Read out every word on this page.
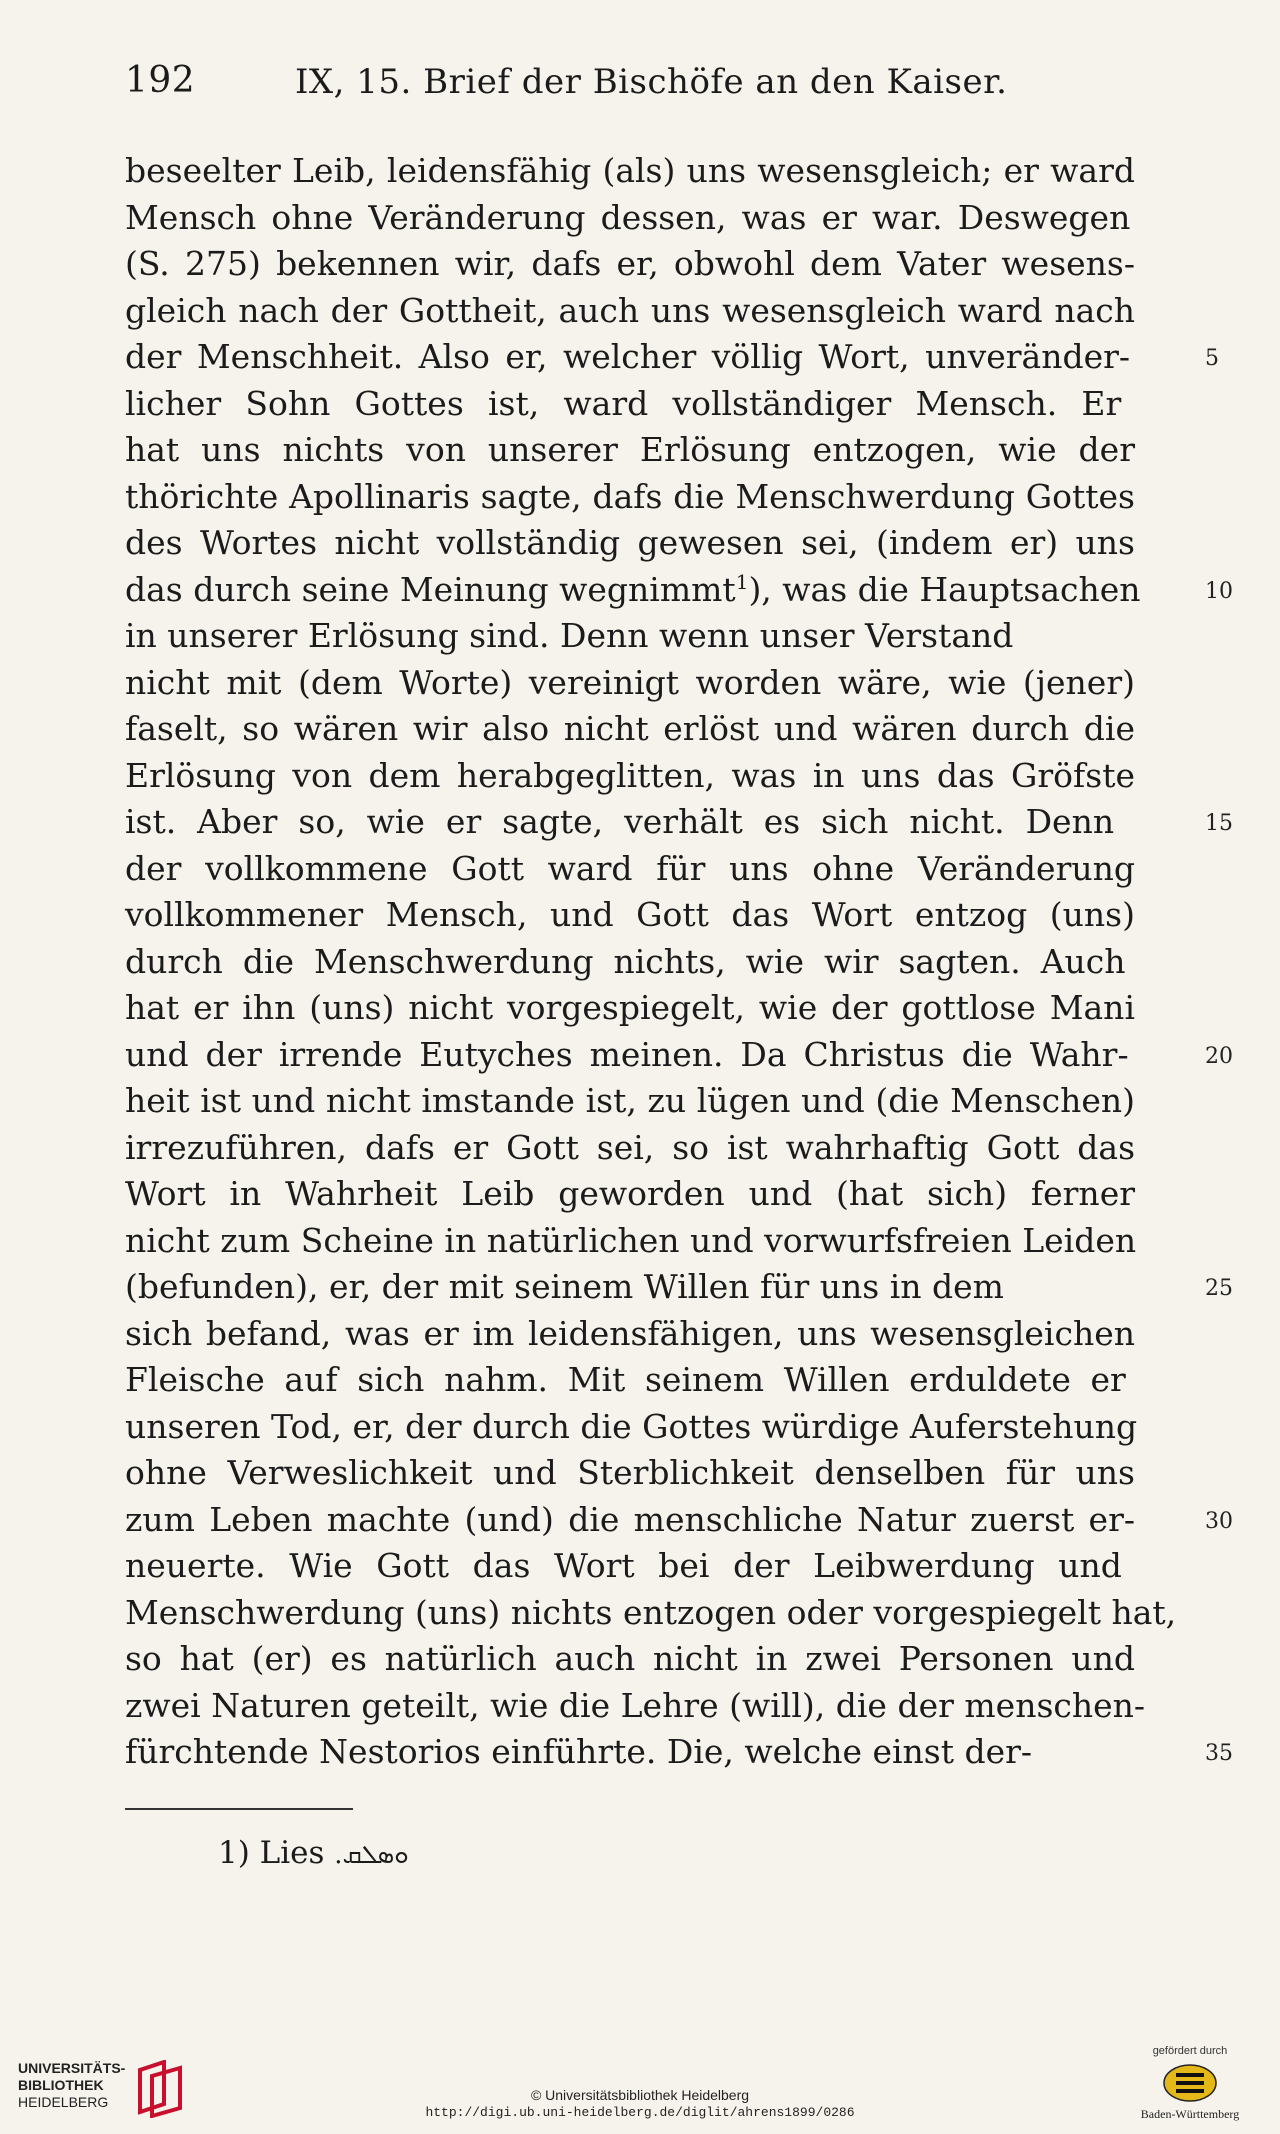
192	IX, 15. Brief der Bischöfe an den Kaiser.
beseelter Leib, leidensfähig (als) uns wesensgleich; er ward
Mensch ohne Veränderung dessen, was er war. Deswegen
(S. 275) bekennen wir, dafs er, obwohl dem Vater wesens-
gleich nach der Gottheit, auch uns wesensgleich ward nach
der Menschheit. Also er, welcher völlig Wort, unveränder-	5
licher Sohn Gottes ist, ward vollständiger Mensch. Er
hat uns nichts von unserer Erlösung entzogen, wie der
thörichte Apollinaris sagte, dafs die Menschwerdung Gottes
des Wortes nicht vollständig gewesen sei, (indem er) uns
das durch seine Meinung wegnimmt$^1$), was die Hauptsachen	10
in unserer Erlösung sind. Denn wenn unser Verstand
nicht mit (dem Worte) vereinigt worden wäre, wie (jener)
faselt, so wären wir also nicht erlöst und wären durch die
Erlösung von dem herabgeglitten, was in uns das Gröfste
ist. Aber so, wie er sagte, verhält es sich nicht. Denn	15
der vollkommene Gott ward für uns ohne Veränderung
vollkommener Mensch, und Gott das Wort entzog (uns)
durch die Menschwerdung nichts, wie wir sagten. Auch
hat er ihn (uns) nicht vorgespiegelt, wie der gottlose Mani
und der irrende Eutyches meinen. Da Christus die Wahr-	20
heit ist und nicht imstande ist, zu lügen und (die Menschen)
irrezuführen, dafs er Gott sei, so ist wahrhaftig Gott das
Wort in Wahrheit Leib geworden und (hat sich) ferner
nicht zum Scheine in natürlichen und vorwurfsfreien Leiden
(befunden), er, der mit seinem Willen für uns in dem	25
sich befand, was er im leidensfähigen, uns wesensgleichen
Fleische auf sich nahm. Mit seinem Willen erduldete er
unseren Tod, er, der durch die Gottes würdige Auferstehung
ohne Verweslichkeit und Sterblichkeit denselben für uns
zum Leben machte (und) die menschliche Natur zuerst er-	30
neuerte. Wie Gott das Wort bei der Leibwerdung und
Menschwerdung (uns) nichts entzogen oder vorgespiegelt hat,
so hat (er) es natürlich auch nicht in zwei Personen und
zwei Naturen geteilt, wie die Lehre (will), die der menschen-
fürchtende Nestorios einführte. Die, welche einst der-	35
1) Lies ܘܣܠܩ.
UNIVERSITÄTS-
BIBLIOTHEK
HEIDELBERG	© Universitätsbibliothek Heidelberg
http://digi.ub.uni-heidelberg.de/diglit/ahrens1899/0286
gefördert durch
Baden-Württemberg
